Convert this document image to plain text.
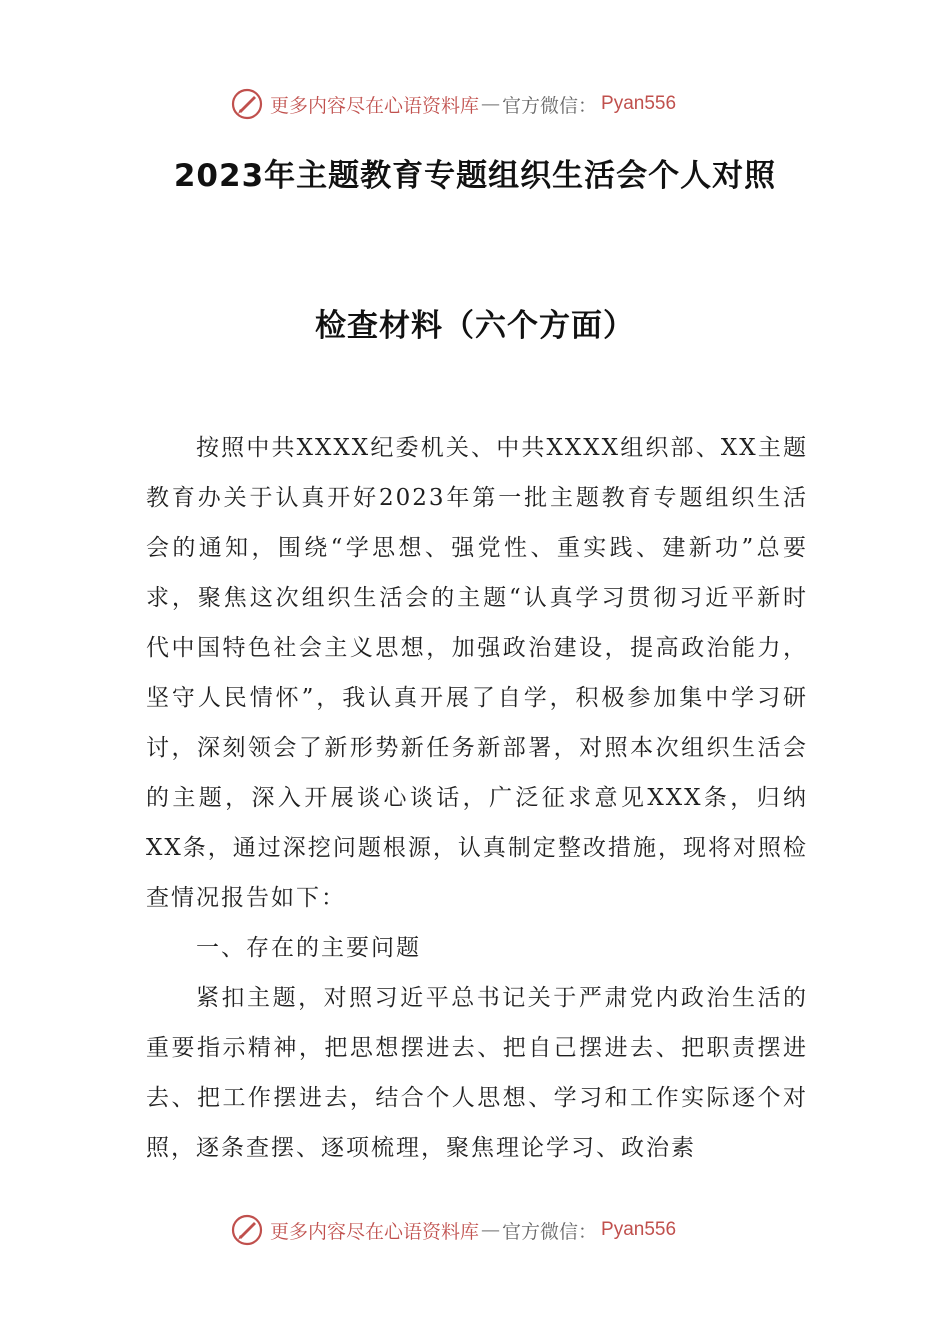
更多内容尽在心语资料库 — 官方微信： Pyan556
2023年主题教育专题组织生活会个人对照
检查材料（六个方面）

按照中共XXXX纪委机关、中共XXXX组织部、XX主题教育办关于认真开好2023年第一批主题教育专题组织生活会的通知，围绕“学思想、强党性、重实践、建新功”总要求，聚焦这次组织生活会的主题“认真学习贯彻习近平新时代中国特色社会主义思想，加强政治建设，提高政治能力，坚守人民情怀”，我认真开展了自学，积极参加集中学习研讨，深刻领会了新形势新任务新部署，对照本次组织生活会的主题，深入开展谈心谈话，广泛征求意见XXX条，归纳XX条，通过深挖问题根源，认真制定整改措施，现将对照检查情况报告如下：

一、存在的主要问题

紧扣主题，对照习近平总书记关于严肃党内政治生活的重要指示精神，把思想摆进去、把自己摆进去、把职责摆进去、把工作摆进去，结合个人思想、学习和工作实际逐个对照，逐条查摆、逐项梳理，聚焦理论学习、政治素

更多内容尽在心语资料库 — 官方微信： Pyan556
